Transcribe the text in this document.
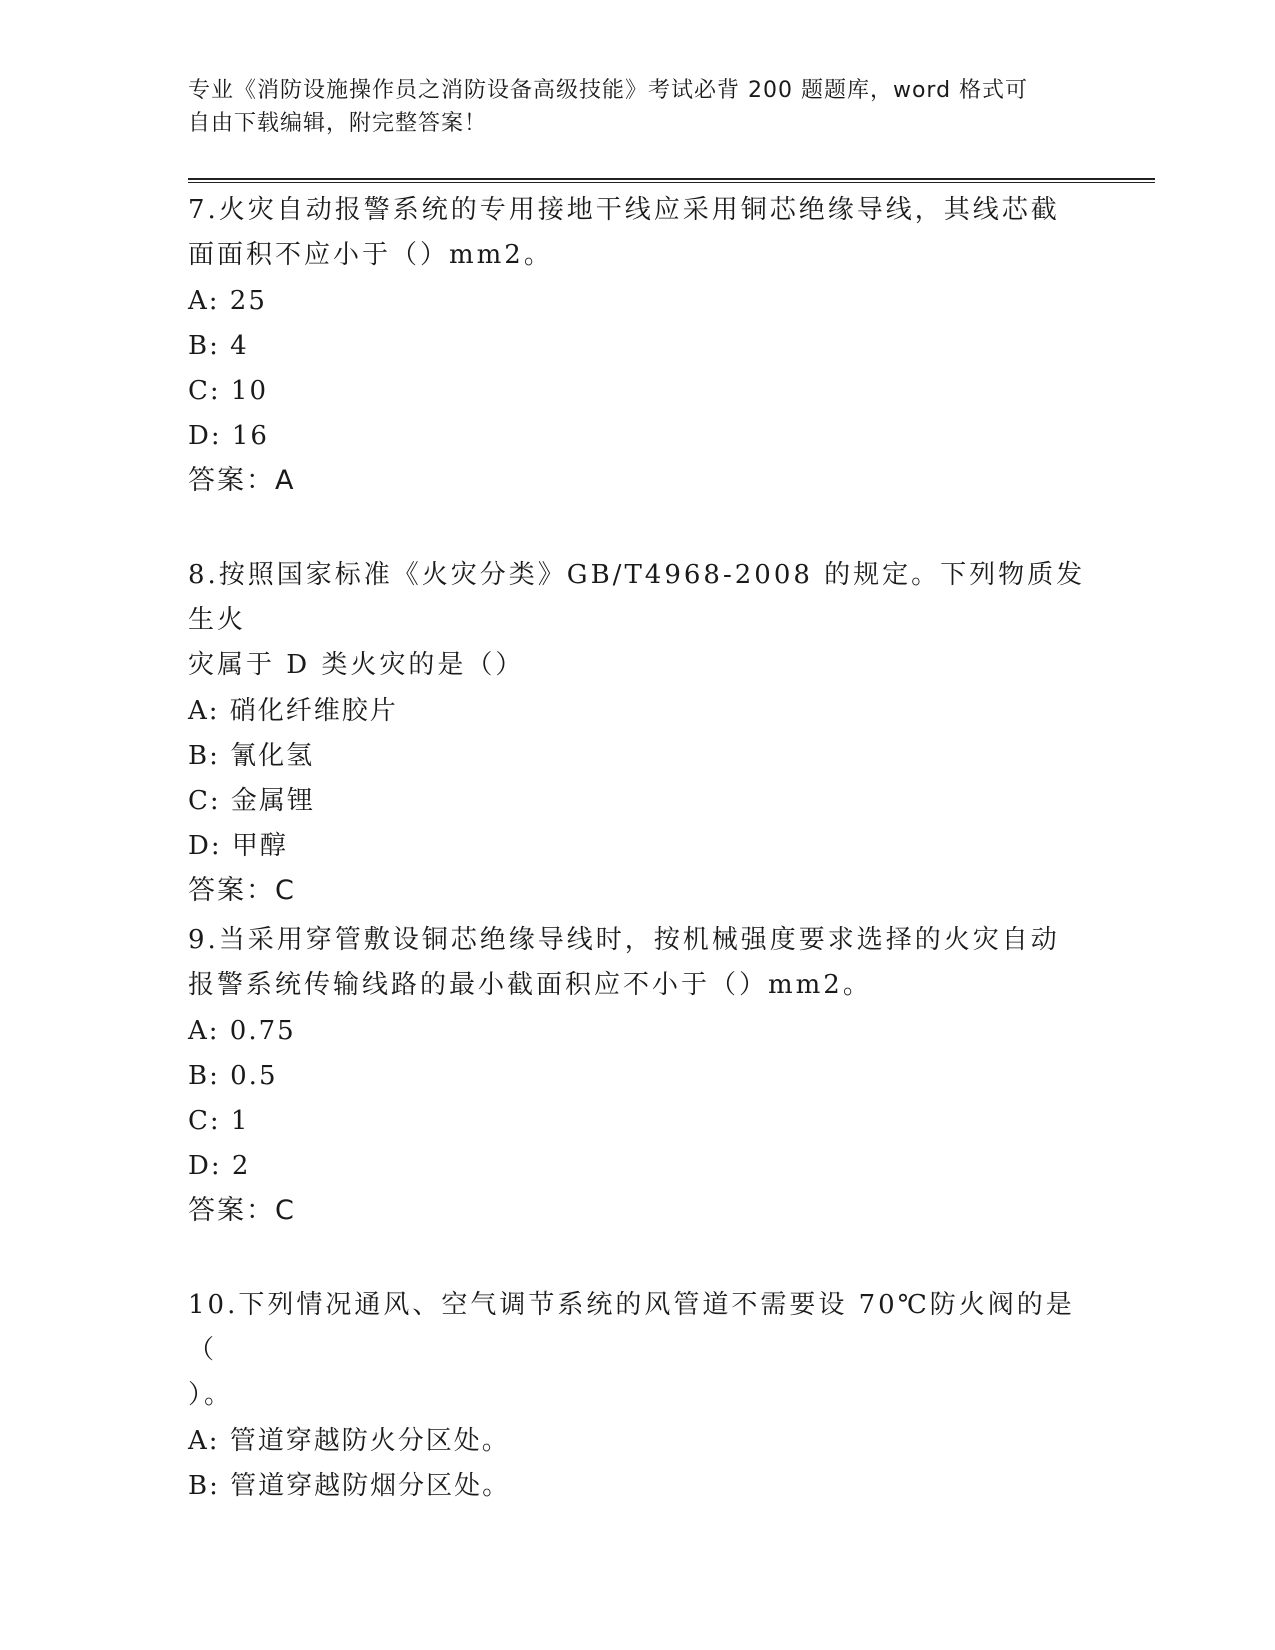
专业《消防设施操作员之消防设备高级技能》考试必背 200 题题库，word 格式可
自由下载编辑，附完整答案！

7.火灾自动报警系统的专用接地干线应采用铜芯绝缘导线，其线芯截

面面积不应小于（）mm2。

A: 25

B: 4

C: 10

D: 16

答案：A

8.按照国家标准《火灾分类》GB/T4968-2008 的规定。下列物质发生火

灾属于 D 类火灾的是（）

A: 硝化纤维胶片

B: 氰化氢

C: 金属锂

D: 甲醇

答案：C

9.当采用穿管敷设铜芯绝缘导线时，按机械强度要求选择的火灾自动

报警系统传输线路的最小截面积应不小于（）mm2。

A: 0.75

B: 0.5

C: 1

D: 2

答案：C

10.下列情况通风、空气调节系统的风管道不需要设 70℃防火阀的是（

）。

A: 管道穿越防火分区处。

B: 管道穿越防烟分区处。
